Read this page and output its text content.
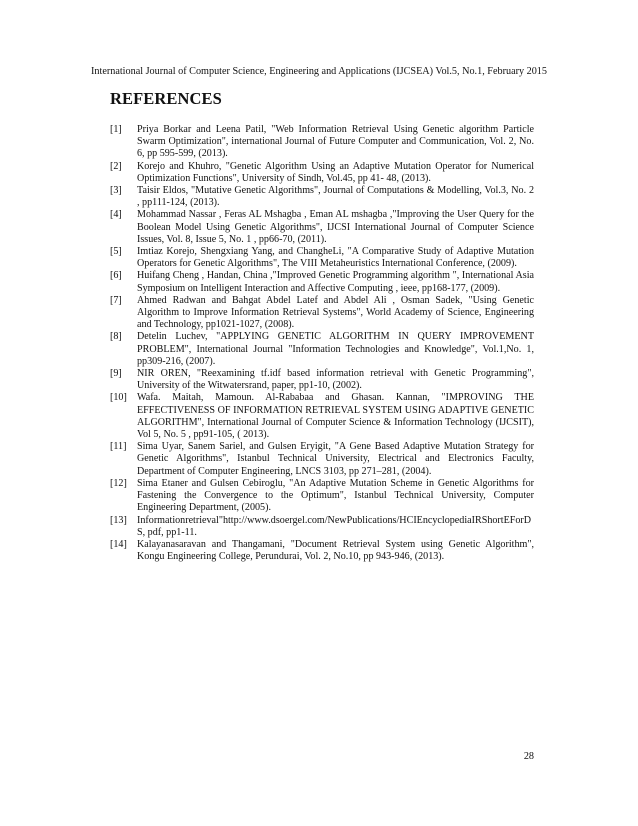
International Journal of Computer Science, Engineering and Applications (IJCSEA) Vol.5, No.1, February 2015
REFERENCES
[1]	Priya Borkar and Leena Patil, "Web Information Retrieval Using Genetic algorithm Particle Swarm Optimization", international Journal of Future Computer and Communication, Vol. 2, No. 6, pp 595-599, (2013).
[2]	Korejo and Khuhro, "Genetic Algorithm Using an Adaptive Mutation Operator for Numerical Optimization Functions", University of Sindh, Vol.45, pp 41- 48, (2013).
[3]	Taisir Eldos, "Mutative Genetic Algorithms", Journal of Computations & Modelling, Vol.3, No. 2 , pp111-124, (2013).
[4]	Mohammad Nassar , Feras AL Mshagba , Eman AL mshagba ,"Improving the User Query for the Boolean Model Using Genetic Algorithms", IJCSI International Journal of Computer Science Issues, Vol. 8, Issue 5, No. 1 , pp66-70, (2011).
[5]	Imtiaz Korejo, Shengxiang Yang, and ChangheLi, "A Comparative Study of Adaptive Mutation Operators for Genetic Algorithms", The VIII Metaheuristics International Conference, (2009).
[6]	Huifang Cheng , Handan, China ,"Improved Genetic Programming algorithm ", International Asia Symposium on Intelligent Interaction and Affective Computing , ieee, pp168-177, (2009).
[7]	Ahmed Radwan and Bahgat Abdel Latef and Abdel Ali , Osman Sadek, "Using Genetic Algorithm to Improve Information Retrieval Systems", World Academy of Science, Engineering and Technology, pp1021-1027, (2008).
[8]	Detelin Luchev, "APPLYING GENETIC ALGORITHM IN QUERY IMPROVEMENT PROBLEM", International Journal "Information Technologies and Knowledge", Vol.1,No. 1, pp309-216, (2007).
[9]	NIR OREN, "Reexamining tf.idf based information retrieval with Genetic Programming", University of the Witwatersrand, paper, pp1-10, (2002).
[10]	Wafa. Maitah, Mamoun. Al-Rababaa and Ghasan. Kannan, "IMPROVING THE EFFECTIVENESS OF INFORMATION RETRIEVAL SYSTEM USING ADAPTIVE GENETIC ALGORITHM", International Journal of Computer Science & Information Technology (IJCSIT), Vol 5, No. 5 , pp91-105, ( 2013).
[11]	Sima Uyar, Sanem Sariel, and Gulsen Eryigit, "A Gene Based Adaptive Mutation Strategy for Genetic Algorithms", Istanbul Technical University, Electrical and Electronics Faculty, Department of Computer Engineering, LNCS 3103, pp 271–281, (2004).
[12]	Sima Etaner and Gulsen Cebiroglu, "An Adaptive Mutation Scheme in Genetic Algorithms for Fastening the Convergence to the Optimum", Istanbul Technical University, Computer Engineering Department, (2005).
[13]	Informationretrieval"http://www.dsoergel.com/NewPublications/HCIEncyclopediaIRShortEForDS, pdf, pp1-11.
[14]	Kalayanasaravan and Thangamani, "Document Retrieval System using Genetic Algorithm", Kongu Engineering College, Perundurai, Vol. 2, No.10, pp 943-946, (2013).
28
